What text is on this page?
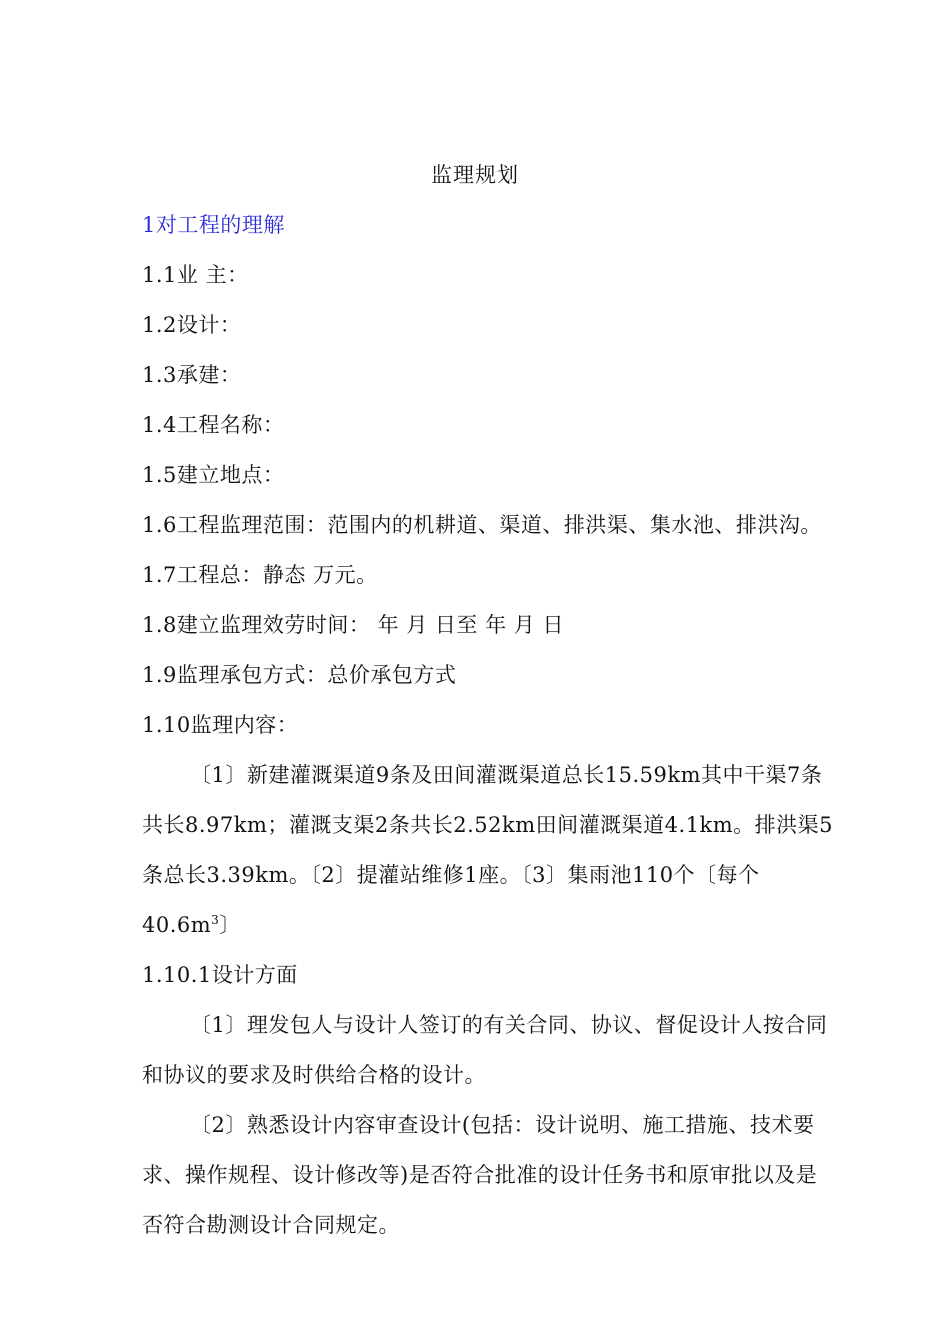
监理规划
1对工程的理解
1.1业 主：
1.2设计：
1.3承建：
1.4工程名称：
1.5建立地点：
1.6工程监理范围：范围内的机耕道、渠道、排洪渠、集水池、排洪沟。
1.7工程总：静态 万元。
1.8建立监理效劳时间： 年 月 日至 年 月 日
1.9监理承包方式：总价承包方式
1.10监理内容：
〔1〕新建灌溉渠道9条及田间灌溉渠道总长15.59km其中干渠7条
共长8.97km；灌溉支渠2条共长2.52km田间灌溉渠道4.1km。排洪渠5
条总长3.39km。〔2〕提灌站维修1座。〔3〕集雨池110个〔每个
$40.6m^3$〕
1.10.1设计方面
〔1〕理发包人与设计人签订的有关合同、协议、督促设计人按合同
和协议的要求及时供给合格的设计。
〔2〕熟悉设计内容审查设计(包括：设计说明、施工措施、技术要
求、操作规程、设计修改等)是否符合批准的设计任务书和原审批以及是
否符合勘测设计合同规定。
